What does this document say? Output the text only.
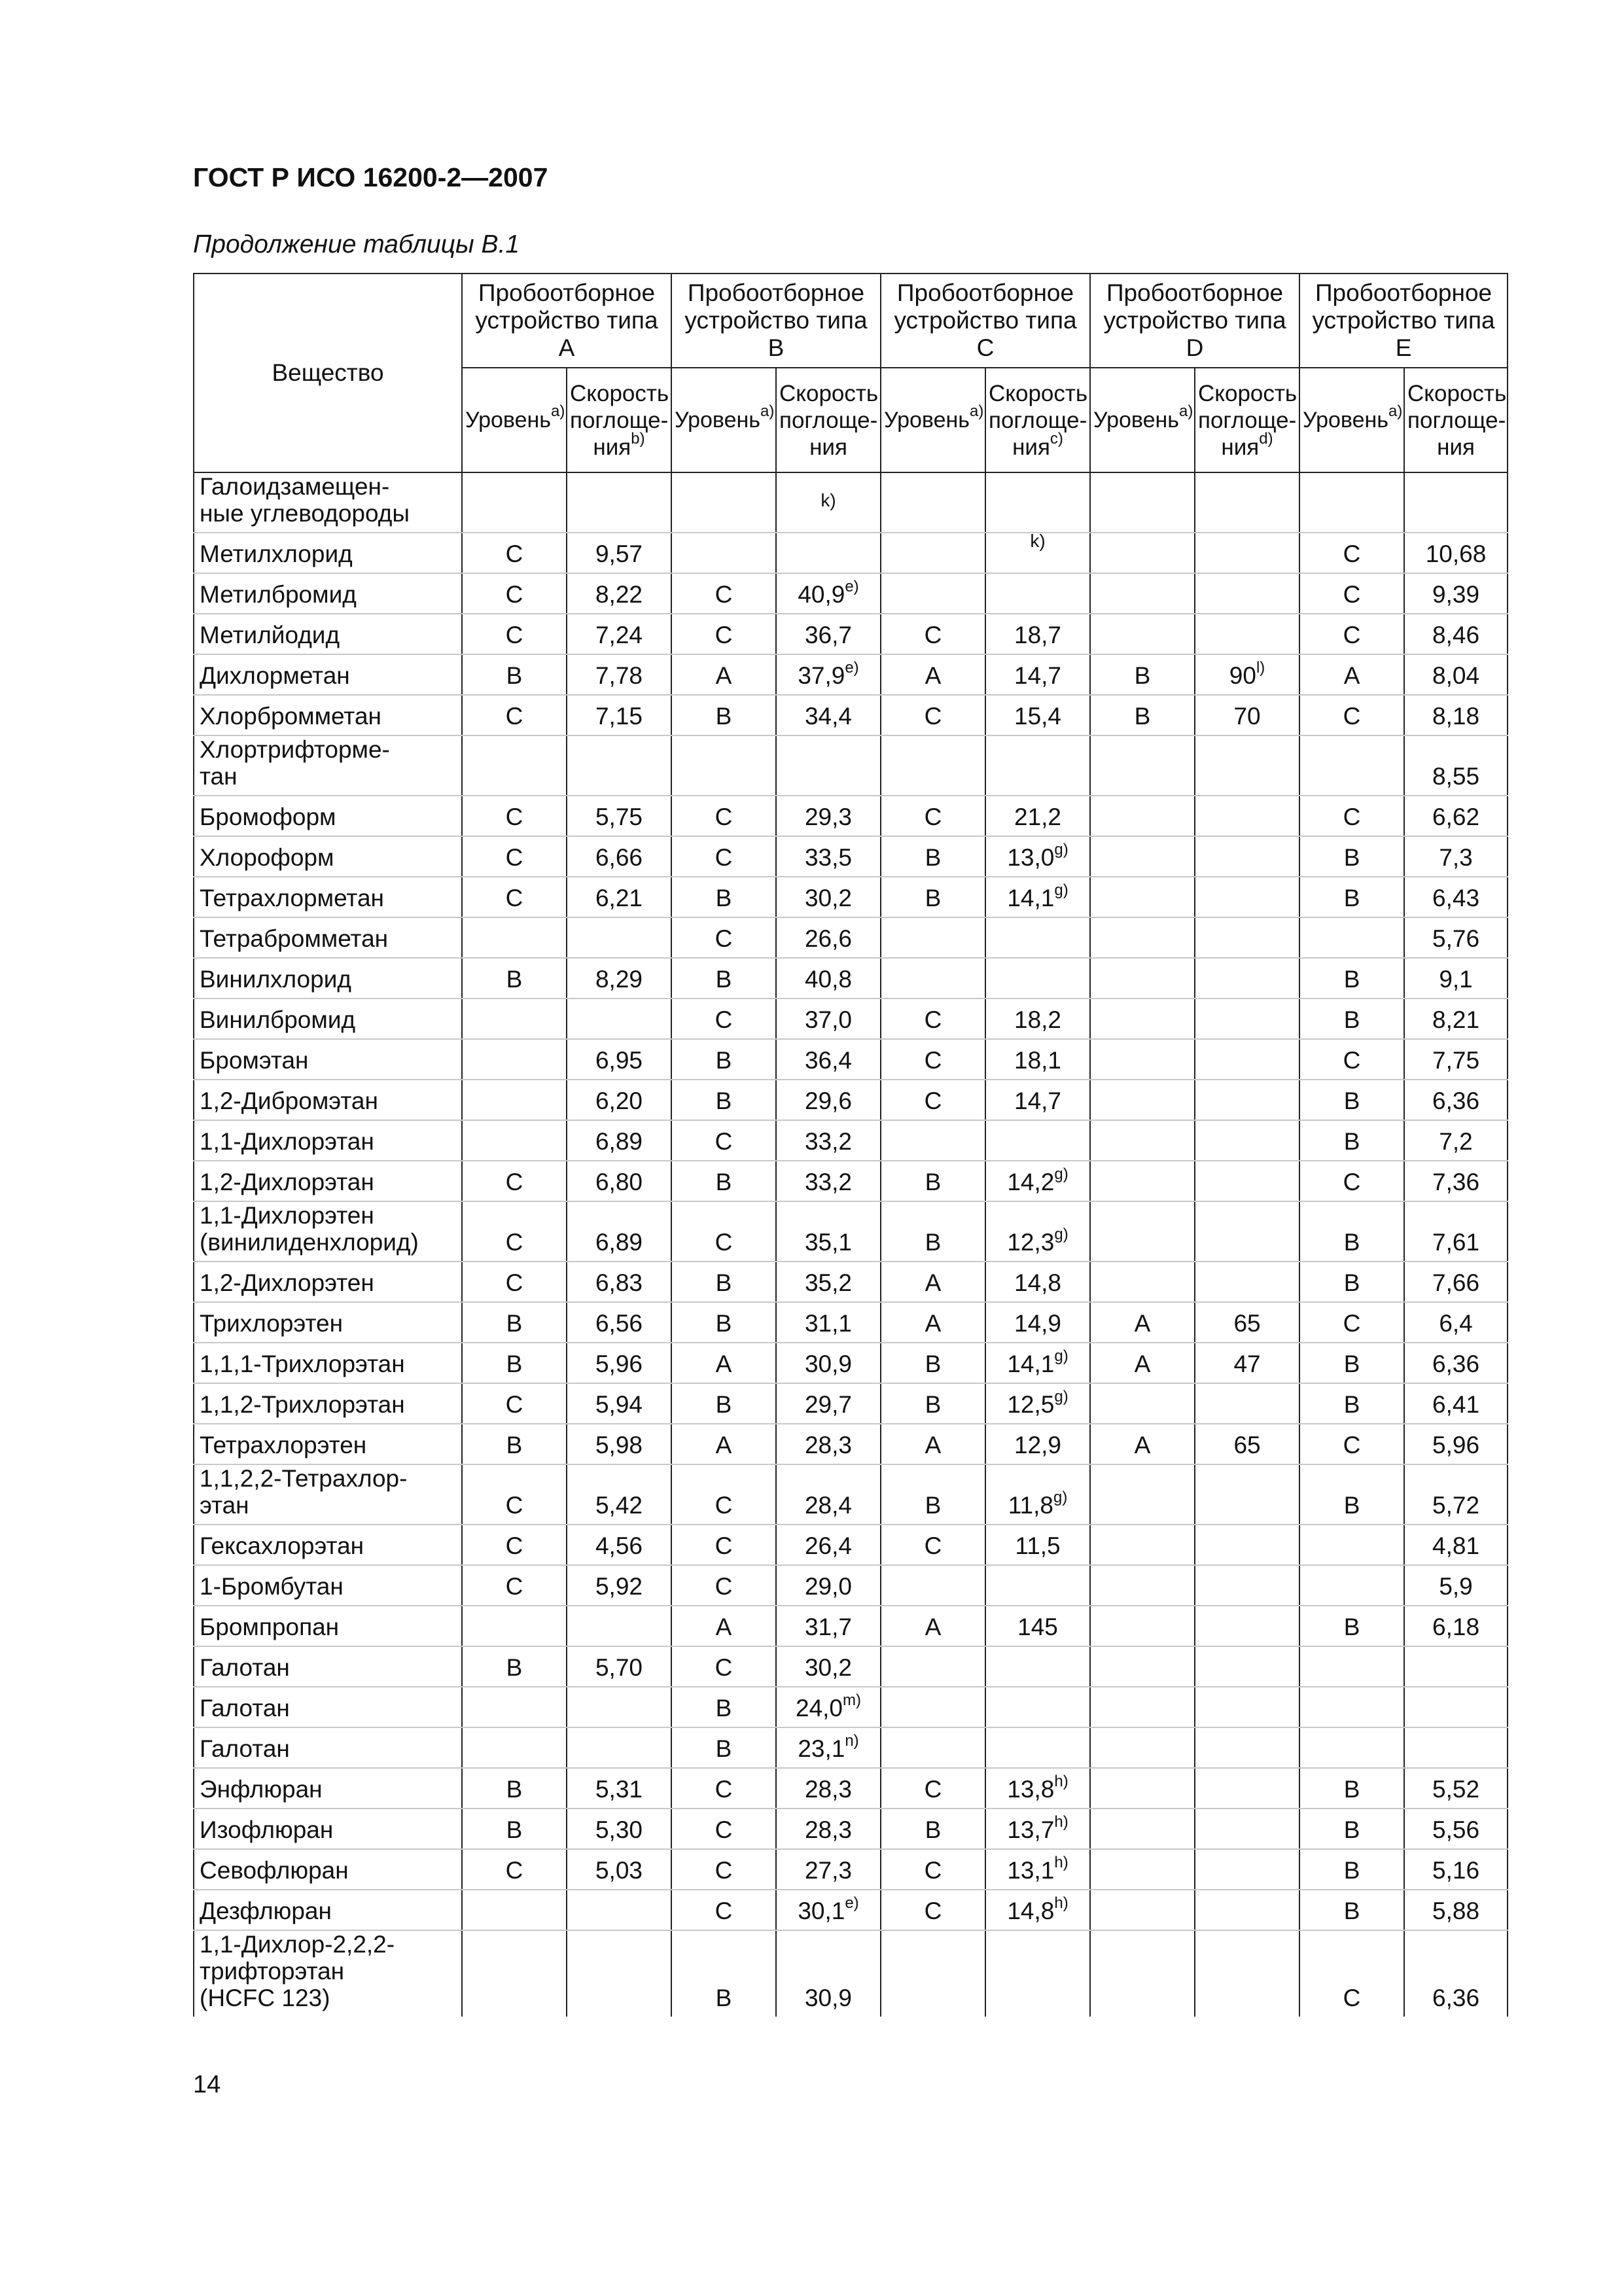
ГОСТ Р ИСО 16200-2—2007
Продолжение таблицы В.1
Вещество	Пробоотборное устройство типа A		Пробоотборное устройство типа B		Пробоотборное устройство типа C		Пробоотборное устройство типа D		Пробоотборное устройство типа E	
	Уровень$^{a)}$	Скорость поглоще-ния$^{b)}$	Уровень$^{a)}$	Скорость поглоще-ния	Уровень$^{a)}$	Скорость поглоще-ния$^{c)}$	Уровень$^{a)}$	Скорость поглоще-ния$^{d)}$	Уровень$^{a)}$	Скорость поглоще-ния

Галоидзамещен-
ные углеводороды				$^{k)}$						

Метилхлорид	C	9,57				$^{k)}$			C	10,68

Метилбромид	C	8,22	C	40,9$^{e)}$					C	9,39

Метилйодид	C	7,24	C	36,7	C	18,7			C	8,46

Дихлорметан	B	7,78	A	37,9$^{e)}$	A	14,7	B	90$^{l)}$	A	8,04

Хлорбромметан	C	7,15	B	34,4	C	15,4	B	70	C	8,18

Хлортрифторме-
тан										8,55

Бромоформ	C	5,75	C	29,3	C	21,2			C	6,62

Хлороформ	C	6,66	C	33,5	B	13,0$^{g)}$			B	7,3

Тетрахлорметан	C	6,21	B	30,2	B	14,1$^{g)}$			B	6,43

Тетрабромметан			C	26,6						5,76

Винилхлорид	B	8,29	B	40,8					B	9,1

Винилбромид			C	37,0	C	18,2			B	8,21

Бромэтан		6,95	B	36,4	C	18,1			C	7,75

1,2-Дибромэтан		6,20	B	29,6	C	14,7			B	6,36

1,1-Дихлорэтан		6,89	C	33,2					B	7,2

1,2-Дихлорэтан	C	6,80	B	33,2	B	14,2$^{g)}$			C	7,36

1,1-Дихлорэтен
(винилиденхлорид)	C	6,89	C	35,1	B	12,3$^{g)}$			B	7,61

1,2-Дихлорэтен	C	6,83	B	35,2	A	14,8			B	7,66

Трихлорэтен	B	6,56	B	31,1	A	14,9	A	65	C	6,4

1,1,1-Трихлорэтан	B	5,96	A	30,9	B	14,1$^{g)}$	A	47	B	6,36

1,1,2-Трихлорэтан	C	5,94	B	29,7	B	12,5$^{g)}$			B	6,41

Тетрахлорэтен	B	5,98	A	28,3	A	12,9	A	65	C	5,96

1,1,2,2-Тетрахлор-
этан	C	5,42	C	28,4	B	11,8$^{g)}$			B	5,72

Гексахлорэтан	C	4,56	C	26,4	C	11,5				4,81

1-Бромбутан	C	5,92	C	29,0						5,9

Бромпропан			A	31,7	A	145			B	6,18

Галотан	B	5,70	C	30,2						

Галотан			B	24,0$^{m)}$						

Галотан			B	23,1$^{n)}$						

Энфлюран	B	5,31	C	28,3	C	13,8$^{h)}$			B	5,52

Изофлюран	B	5,30	C	28,3	B	13,7$^{h)}$			B	5,56

Севофлюран	C	5,03	C	27,3	C	13,1$^{h)}$			B	5,16

Дезфлюран			C	30,1$^{e)}$	C	14,8$^{h)}$			B	5,88

1,1-Дихлор-2,2,2-
трифторэтан
(HCFC 123)			B	30,9					C	6,36
14
